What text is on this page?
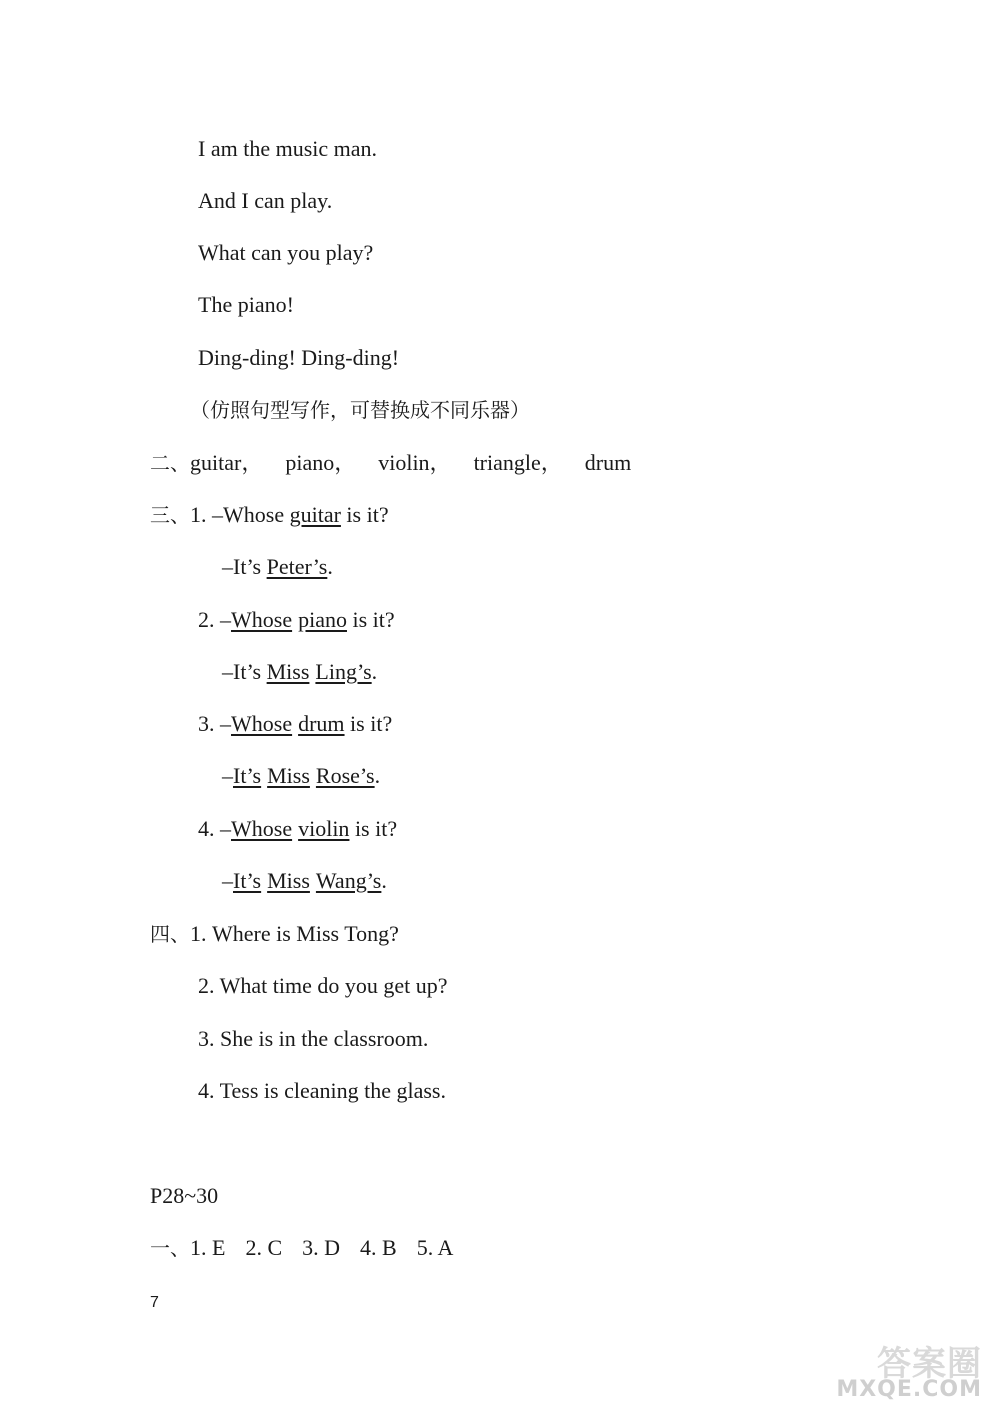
I am the music man.
And I can play.
What can you play?
The piano!
Ding-ding! Ding-ding!
（仿照句型写作，可替换成不同乐器）
二、guitar， piano， violin， triangle， drum
三、1. –Whose guitar is it?
–It’s Peter’s.
2. –Whose piano is it?
–It’s Miss Ling’s.
3. –Whose drum is it?
–It’s Miss Rose’s.
4. –Whose violin is it?
–It’s Miss Wang’s.
四、1. Where is Miss Tong?
2. What time do you get up?
3. She is in the classroom.
4. Tess is cleaning the glass.
P28~30
一、1. E 2. C 3. D 4. B 5. A
7
答案圈
MXQE.COM
